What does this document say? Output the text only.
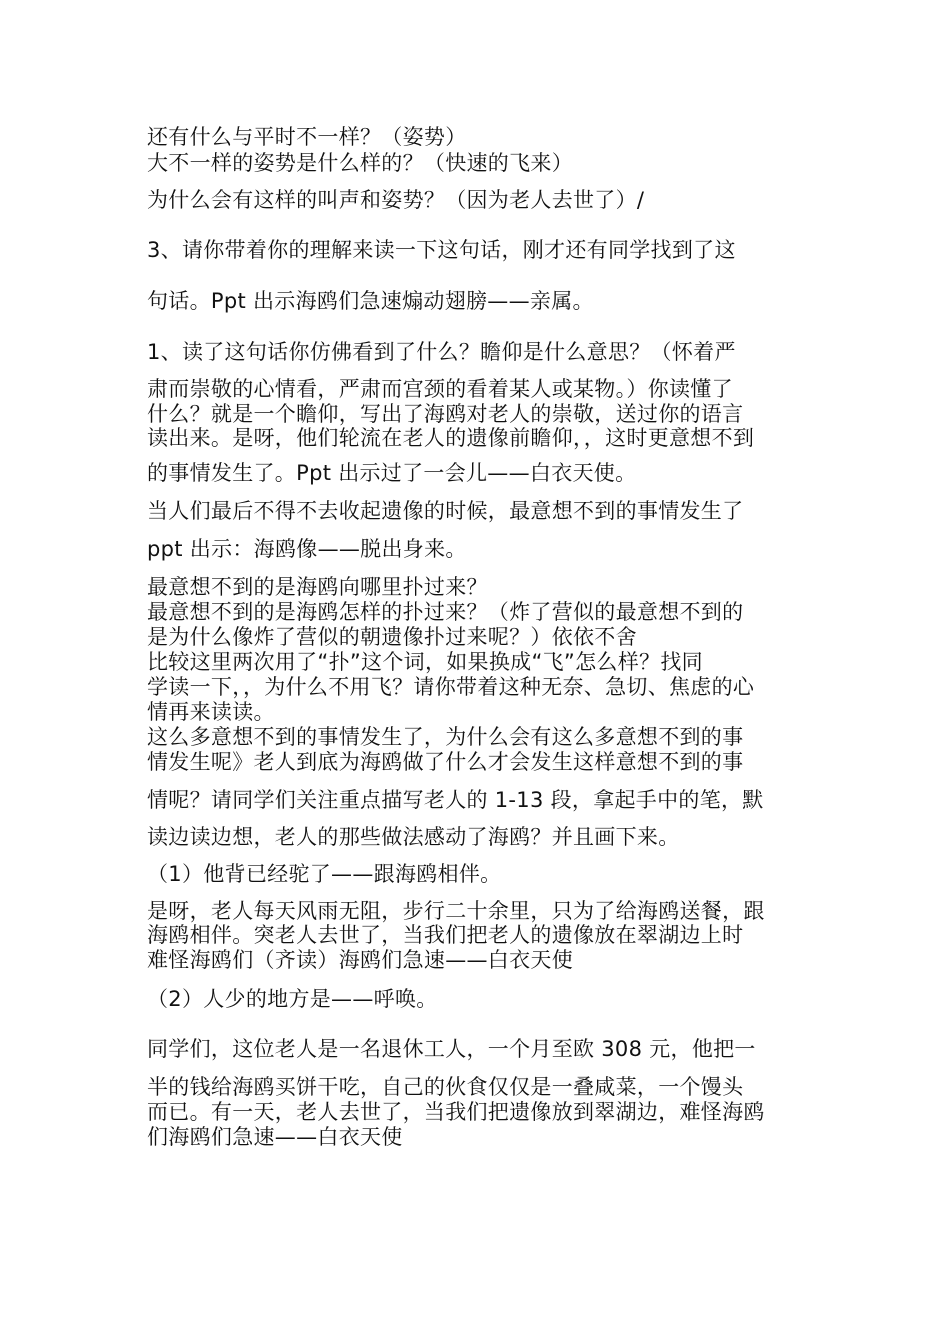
还有什么与平时不一样？（姿势）
大不一样的姿势是什么样的？（快速的飞来）
为什么会有这样的叫声和姿势？（因为老人去世了）/
3、请你带着你的理解来读一下这句话，刚才还有同学找到了这
句话。Ppt 出示海鸥们急速煽动翅膀——亲属。
1、读了这句话你仿佛看到了什么？瞻仰是什么意思？（怀着严
肃而崇敬的心情看，严肃而宫颈的看着某人或某物。）你读懂了
什么？就是一个瞻仰，写出了海鸥对老人的崇敬，送过你的语言
读出来。是呀，他们轮流在老人的遗像前瞻仰，，这时更意想不到
的事情发生了。Ppt 出示过了一会儿——白衣天使。
当人们最后不得不去收起遗像的时候，最意想不到的事情发生了
ppt 出示：海鸥像——脱出身来。
最意想不到的是海鸥向哪里扑过来？
最意想不到的是海鸥怎样的扑过来？（炸了营似的最意想不到的
是为什么像炸了营似的朝遗像扑过来呢？）依依不舍
比较这里两次用了“扑”这个词，如果换成“飞”怎么样？找同
学读一下，，为什么不用飞？请你带着这种无奈、急切、焦虑的心
情再来读读。
这么多意想不到的事情发生了，为什么会有这么多意想不到的事
情发生呢》老人到底为海鸥做了什么才会发生这样意想不到的事
情呢？请同学们关注重点描写老人的 1-13 段，拿起手中的笔，默
读边读边想，老人的那些做法感动了海鸥？并且画下来。
（1）他背已经驼了——跟海鸥相伴。
是呀，老人每天风雨无阻，步行二十余里，只为了给海鸥送餐，跟
海鸥相伴。突老人去世了，当我们把老人的遗像放在翠湖边上时
难怪海鸥们（齐读）海鸥们急速——白衣天使
（2）人少的地方是——呼唤。
同学们，这位老人是一名退休工人，一个月至欧 308 元，他把一
半的钱给海鸥买饼干吃，自己的伙食仅仅是一叠咸菜，一个馒头
而已。有一天，老人去世了，当我们把遗像放到翠湖边，难怪海鸥
们海鸥们急速——白衣天使
